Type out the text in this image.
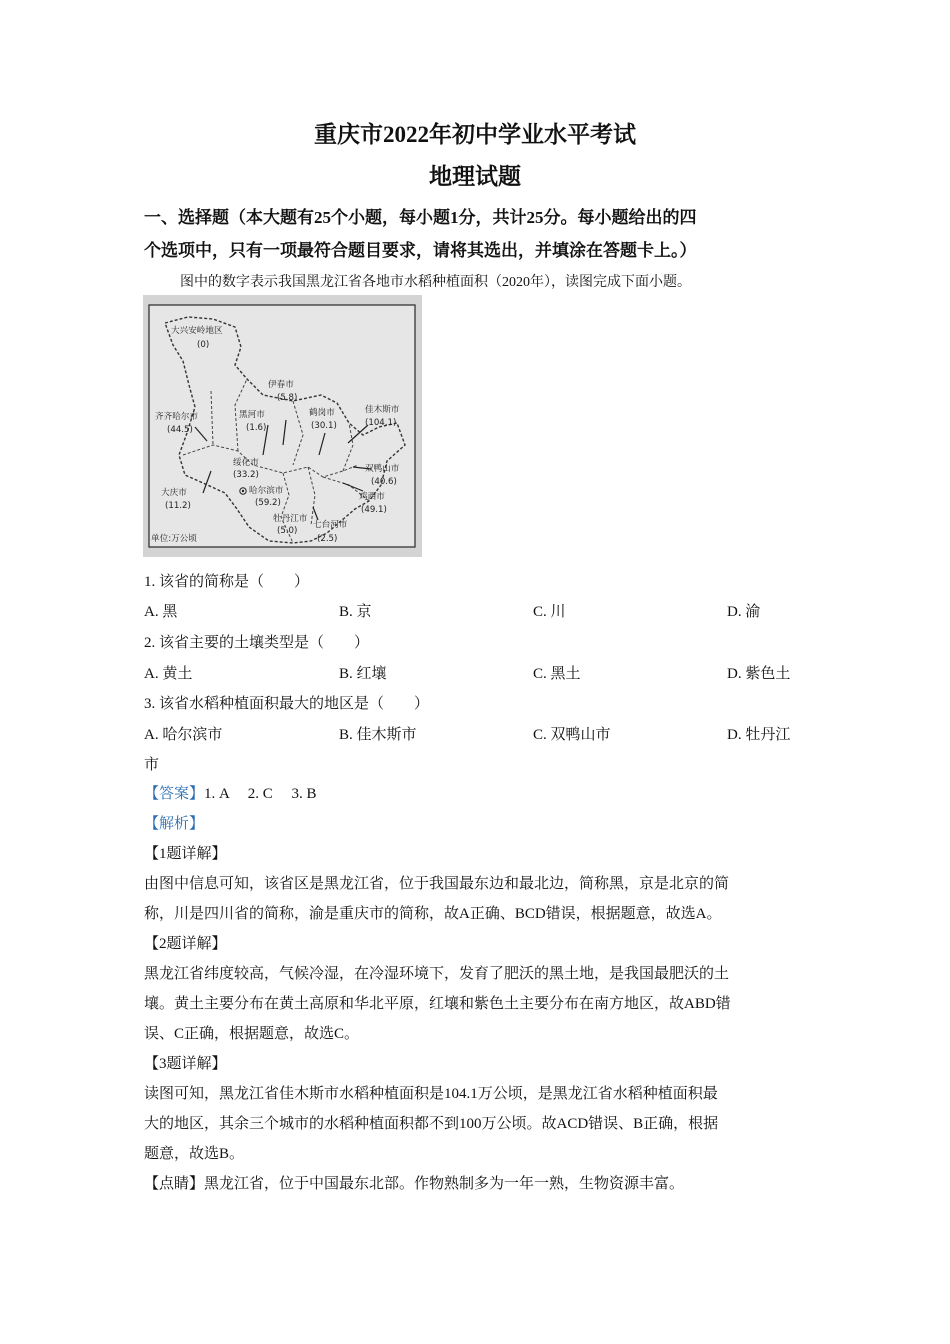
重庆市2022年初中学业水平考试
地理试题
一、选择题（本大题有25个小题，每小题1分，共计25分。每小题给出的四
个选项中，只有一项最符合题目要求，请将其选出，并填涂在答题卡上。）
图中的数字表示我国黑龙江省各地市水稻种植面积（2020年），读图完成下面小题。
大兴安岭地区
(0)
伊春市
(5.8)
黑河市
(1.6)
鹤岗市
(30.1)
佳木斯市
(104.1)
齐齐哈尔市
(44.5)
绥化市
(33.2)
哈尔滨市
(59.2)
双鸭山市
(40.6)
鸡西市
(49.1)
大庆市
(11.2)
牡丹江市
(5.0)
七台河市
(2.5)
单位:万公顷
1. 该省的简称是（　　）
A. 黑	B. 京	C. 川	D. 渝
2. 该省主要的土壤类型是（　　）
A. 黄土	B. 红壤	C. 黑土	D. 紫色土
3. 该省水稻种植面积最大的地区是（　　）
A. 哈尔滨市	B. 佳木斯市	C. 双鸭山市	D. 牡丹江
市
【答案】1. A　 2. C　 3. B
【解析】
【1题详解】
由图中信息可知，该省区是黑龙江省，位于我国最东边和最北边，简称黑，京是北京的简
称，川是四川省的简称，渝是重庆市的简称，故A正确、BCD错误，根据题意，故选A。
【2题详解】
黑龙江省纬度较高，气候冷湿，在冷湿环境下，发育了肥沃的黑土地，是我国最肥沃的土
壤。黄土主要分布在黄土高原和华北平原，红壤和紫色土主要分布在南方地区，故ABD错
误、C正确，根据题意，故选C。
【3题详解】
读图可知，黑龙江省佳木斯市水稻种植面积是104.1万公顷，是黑龙江省水稻种植面积最
大的地区，其余三个城市的水稻种植面积都不到100万公顷。故ACD错误、B正确，根据
题意，故选B。
【点睛】黑龙江省，位于中国最东北部。作物熟制多为一年一熟，生物资源丰富。
